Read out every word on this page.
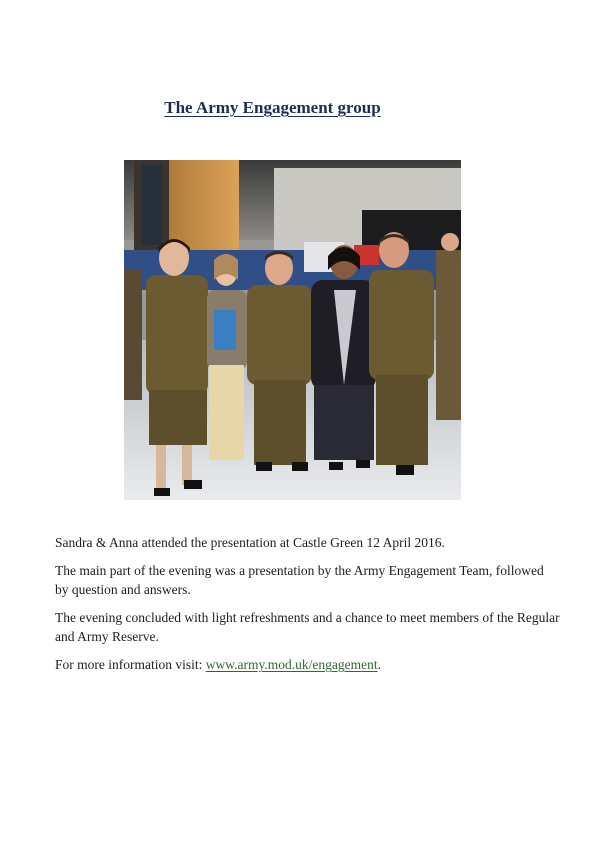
The Army Engagement group

Sandra & Anna attended the presentation at Castle Green 12 April 2016.

The main part of the evening was a presentation by the Army Engagement Team, followed by question and answers.

The evening concluded with light refreshments and a chance to meet members of the Regular and Army Reserve.

For more information visit: www.army.mod.uk/engagement.
